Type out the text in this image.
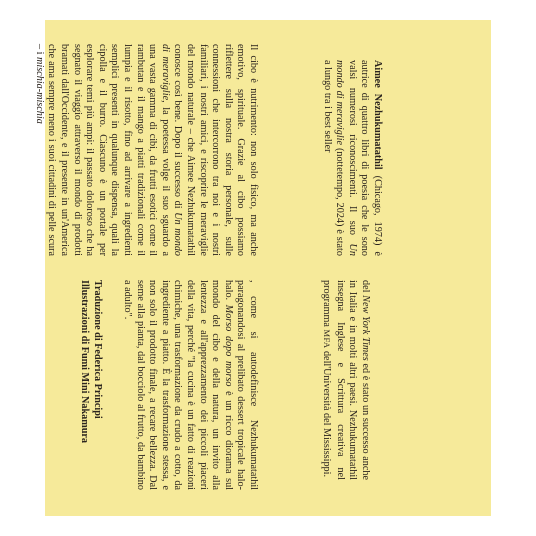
Aimee Nezhukumatathil (Chicago, 1974) è autrice di quattro libri di poesia che le sono valsi numerosi riconoscimenti. Il suo Un mondo di meraviglie (nottetempo, 2024) è stato a lungo tra i best seller

del New York Times ed è stato un successo anche in Italia e in molti altri paesi. Nezhukumatathil insegna Inglese e Scrittura creativa nel programma MFA dell'Università del Mississippi.

Il cibo è nutrimento: non solo fisico, ma anche emotivo, spirituale. Grazie al cibo possiamo riflettere sulla nostra storia personale, sulle connessioni che intercorrono tra noi e i nostri familiari, i nostri amici, e riscoprire le meraviglie del mondo naturale – che Aimee Nezhukumatathil conosce così bene. Dopo il successo di Un mondo di meraviglie, la poetessa volge il suo sguardo a una vasta gamma di cibi, da frutti esotici come il rambutan e il mango a piatti tradizionali come il lumpia e il risotto, fino ad arrivare a ingredienti semplici presenti in qualunque dispensa, quali la cipolla e il burro. Ciascuno è un portale per esplorare temi più ampi: il passato doloroso che ha segnato il viaggio attraverso il mondo di prodotti bramati dall'Occidente, e il presente in un'America che ama sempre meno i suoi cittadini di pelle scura – i mischia-mischia

, come si autodefinisce Nezhukumatathil paragonandosi al prelibato dessert tropicale halo-halo. Morso dopo morso è un ricco diorama sul mondo del cibo e della natura, un invito alla lentezza e all'apprezzamento dei piccoli piaceri della vita, perché "la cucina è un fatto di reazioni chimiche, una trasformazione da crudo a cotto, da ingrediente a piatto. È la trasformazione stessa, e non solo il prodotto finale, a recare bellezza. Dal seme alla pianta, dal bocciolo al frutto, da bambino a adulto".

Traduzione di Federica Principi
Illustrazioni di Fumi Mini Nakamura
